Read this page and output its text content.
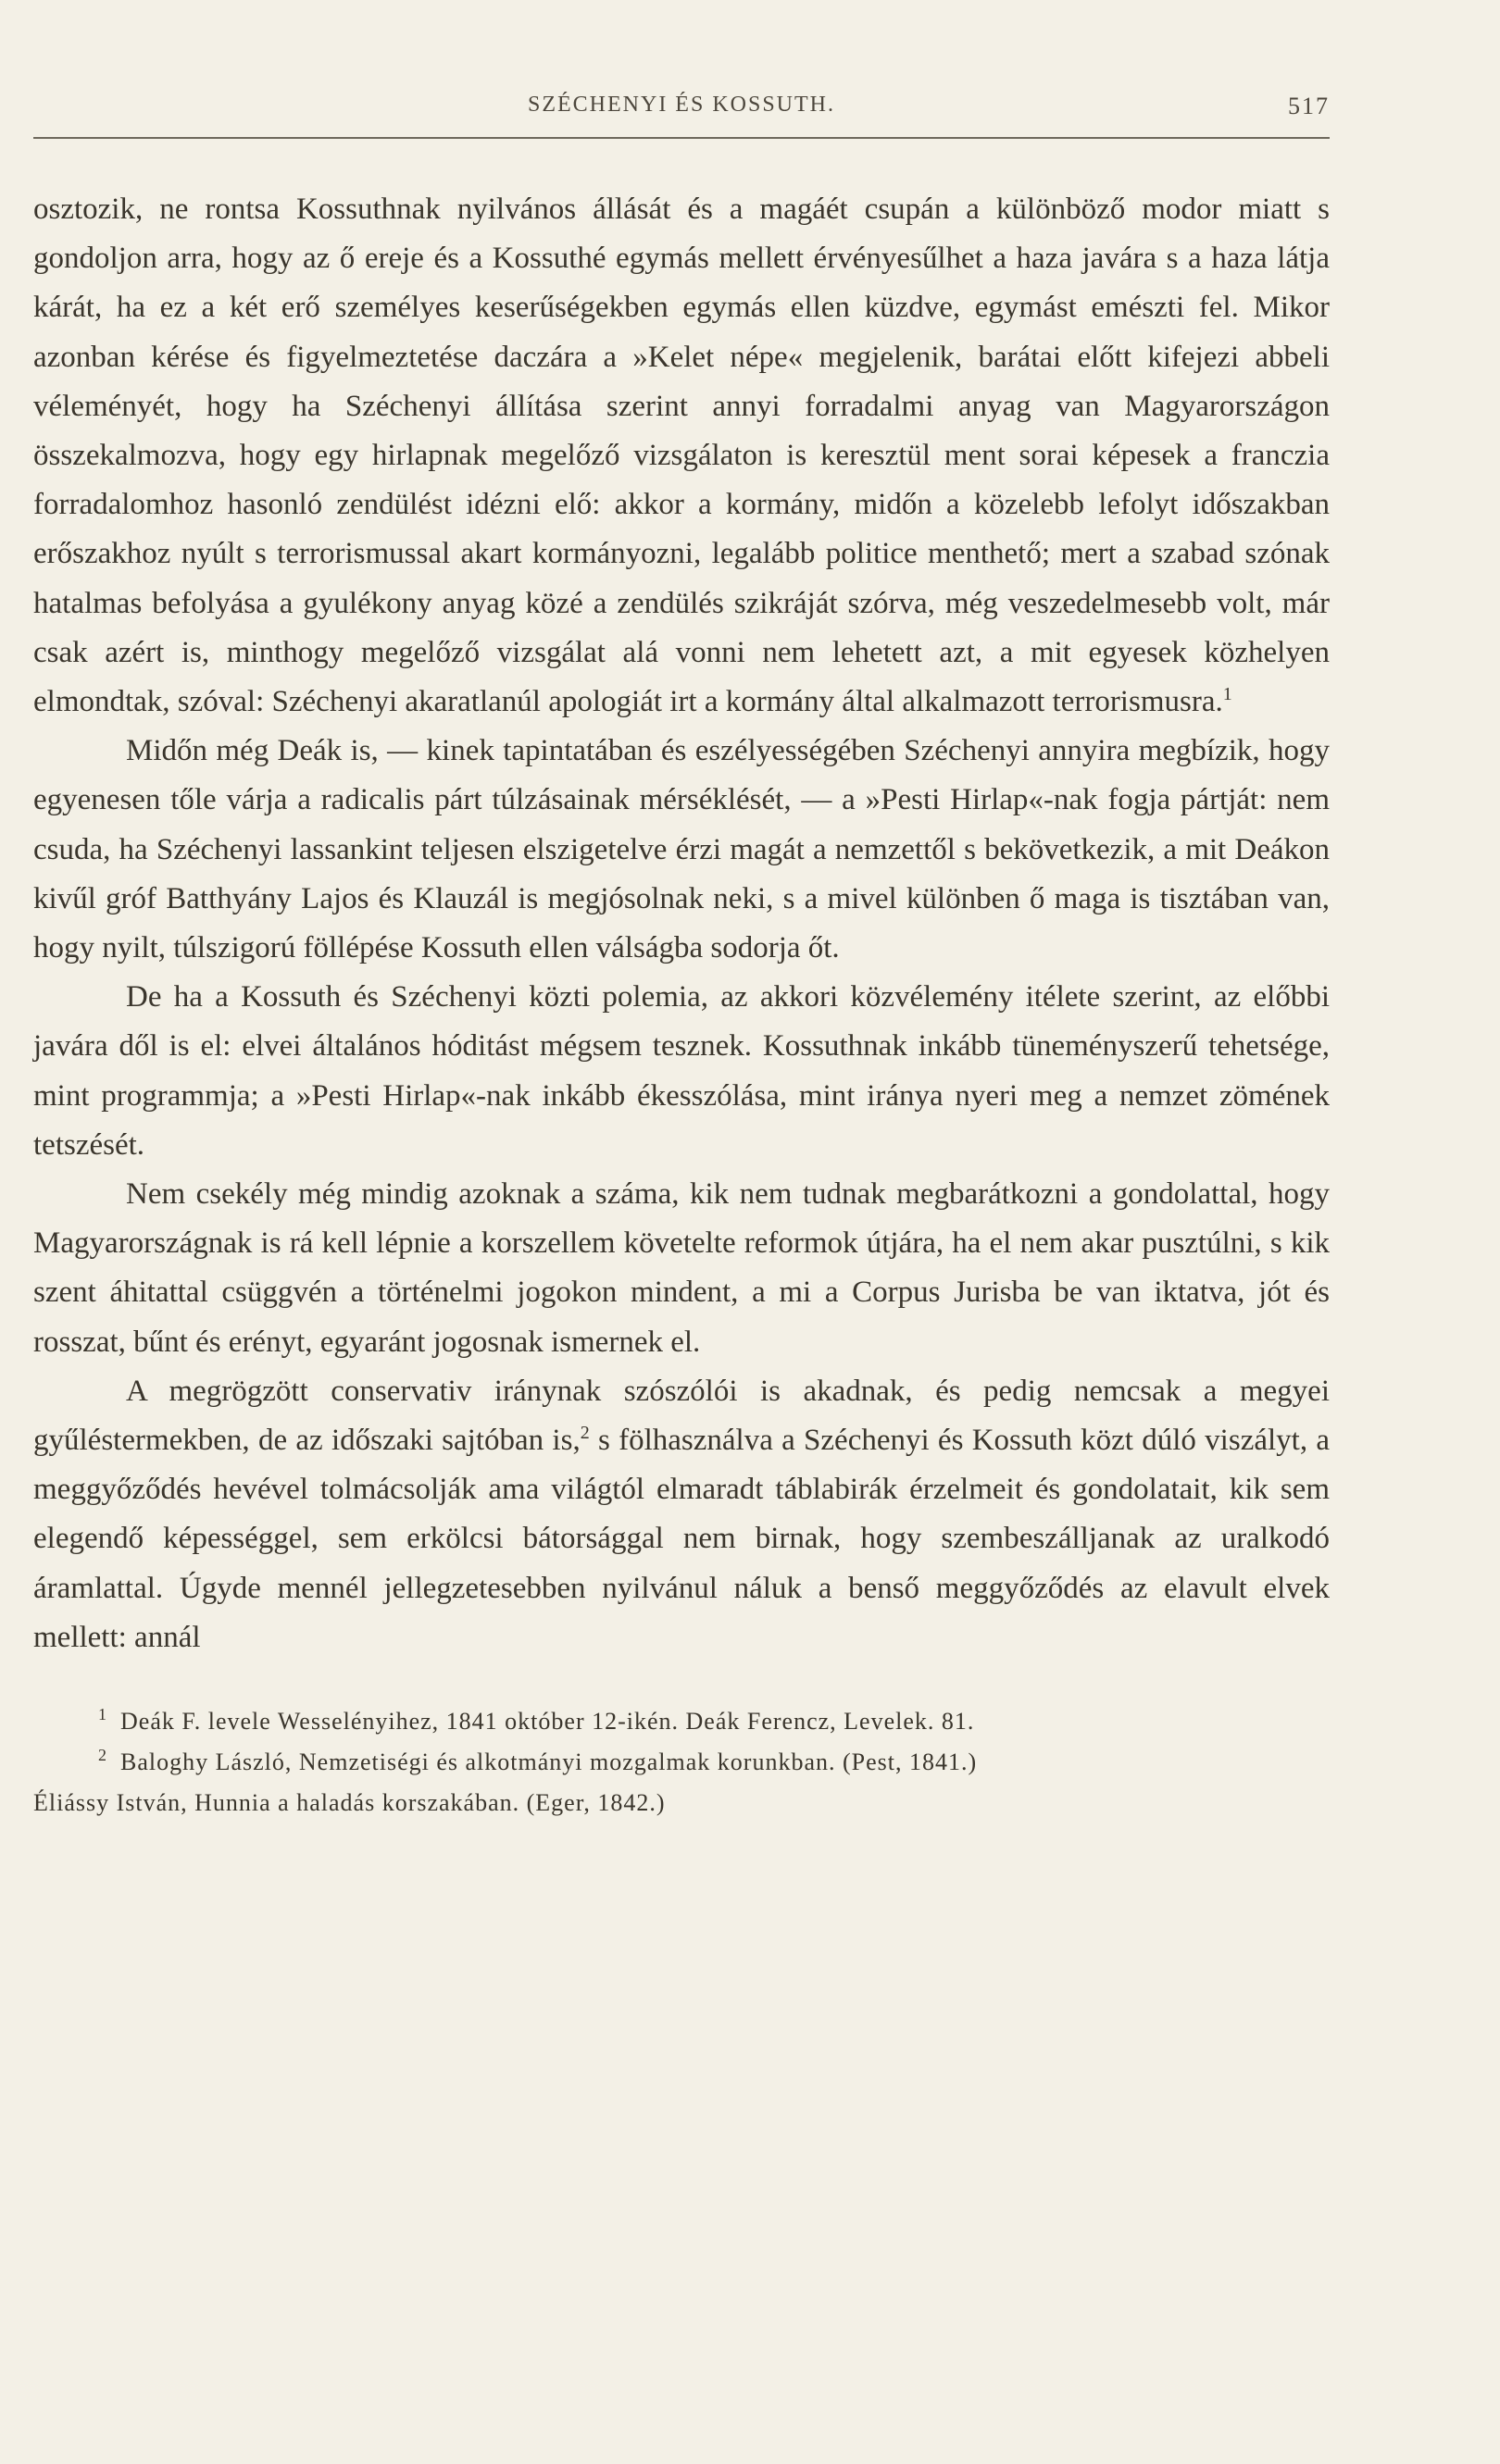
SZÉCHENYI ÉS KOSSUTH.	517

osztozik, ne rontsa Kossuthnak nyilvános állását és a magáét csupán a különböző modor miatt s gondoljon arra, hogy az ő ereje és a Kossuthé egymás mellett érvényesűlhet a haza javára s a haza látja kárát, ha ez a két erő személyes keserűségekben egymás ellen küzdve, egymást emészti fel. Mikor azonban kérése és figyelmeztetése daczára a »Kelet népe« megjelenik, barátai előtt kifejezi abbeli véleményét, hogy ha Széchenyi állítása szerint annyi forradalmi anyag van Magyarországon összekalmozva, hogy egy hirlapnak megelőző vizsgálaton is keresztül ment sorai képesek a franczia forradalomhoz hasonló zendülést idézni elő: akkor a kormány, midőn a közelebb lefolyt időszakban erőszakhoz nyúlt s terrorismussal akart kormányozni, legalább politice menthető; mert a szabad szónak hatalmas befolyása a gyulékony anyag közé a zendülés szikráját szórva, még veszedelmesebb volt, már csak azért is, minthogy megelőző vizsgálat alá vonni nem lehetett azt, a mit egyesek közhelyen elmondtak, szóval: Széchenyi akaratlanúl apologiát irt a kormány által alkalmazott terrorismusra.$^1$

Midőn még Deák is, — kinek tapintatában és eszélyességében Széchenyi annyira megbízik, hogy egyenesen tőle várja a radicalis párt túlzásainak mérséklését, — a »Pesti Hirlap«-nak fogja pártját: nem csuda, ha Széchenyi lassankint teljesen elszigetelve érzi magát a nemzettől s bekövetkezik, a mit Deákon kivűl gróf Batthyány Lajos és Klauzál is megjósolnak neki, s a mivel különben ő maga is tisztában van, hogy nyilt, túlszigorú föllépése Kossuth ellen válságba sodorja őt.

De ha a Kossuth és Széchenyi közti polemia, az akkori közvélemény itélete szerint, az előbbi javára dől is el: elvei általános hóditást mégsem tesznek. Kossuthnak inkább tüneményszerű tehetsége, mint programmja; a »Pesti Hirlap«-nak inkább ékesszólása, mint iránya nyeri meg a nemzet zömének tetszését.

Nem csekély még mindig azoknak a száma, kik nem tudnak megbarátkozni a gondolattal, hogy Magyarországnak is rá kell lépnie a korszellem követelte reformok útjára, ha el nem akar pusztúlni, s kik szent áhitattal csüggvén a történelmi jogokon mindent, a mi a Corpus Jurisba be van iktatva, jót és rosszat, bűnt és erényt, egyaránt jogosnak ismernek el.

A megrögzött conservativ iránynak szószólói is akadnak, és pedig nemcsak a megyei gyűléstermekben, de az időszaki sajtóban is,$^2$ s fölhasználva a Széchenyi és Kossuth közt dúló viszályt, a meggyőződés hevével tolmácsolják ama világtól elmaradt táblabirák érzelmeit és gondolatait, kik sem elegendő képességgel, sem erkölcsi bátorsággal nem birnak, hogy szembeszálljanak az uralkodó áramlattal. Úgyde mennél jellegzetesebben nyilvánul náluk a benső meggyőződés az elavult elvek mellett: annál

$^1$ Deák F. levele Wesselényihez, 1841 október 12-ikén. Deák Ferencz, Levelek. 81.

$^2$ Baloghy László, Nemzetiségi és alkotmányi mozgalmak korunkban. (Pest, 1841.)

Éliássy István, Hunnia a haladás korszakában. (Eger, 1842.)
